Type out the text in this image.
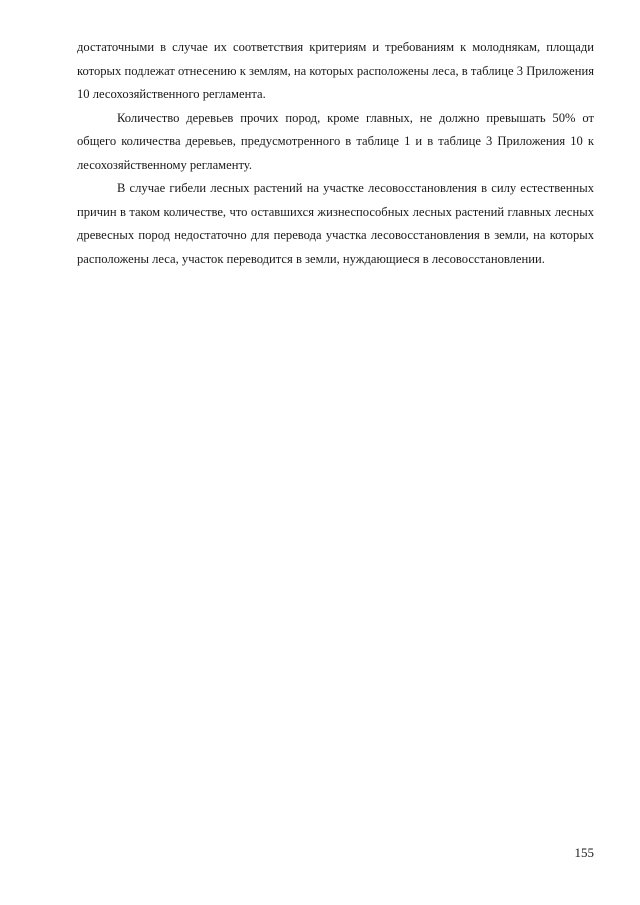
достаточными в случае их соответствия критериям и требованиям к молоднякам, площади которых подлежат отнесению к землям, на которых расположены леса, в таблице 3 Приложения 10 лесохозяйственного регламента.

Количество деревьев прочих пород, кроме главных, не должно превышать 50% от общего количества деревьев, предусмотренного в таблице 1 и в таблице 3 Приложения 10 к лесохозяйственному регламенту.

В случае гибели лесных растений на участке лесовосстановления в силу естественных причин в таком количестве, что оставшихся жизнеспособных лесных растений главных лесных древесных пород недостаточно для перевода участка лесовосстановления в земли, на которых расположены леса, участок переводится в земли, нуждающиеся в лесовосстановлении.

155
